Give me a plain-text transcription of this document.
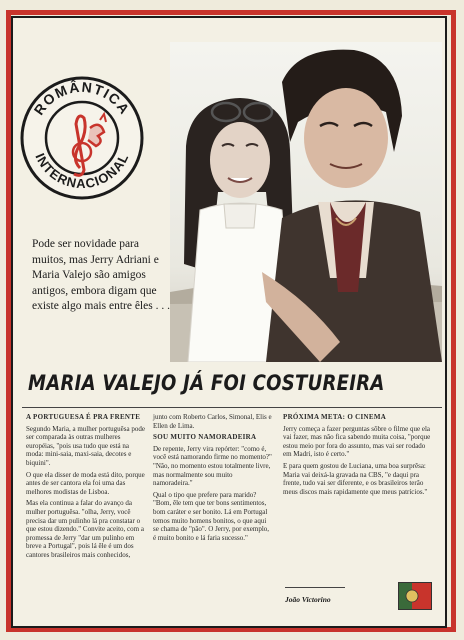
ROMÂNTICA
INTERNACIONAL
Pode ser novidade para muitos, mas Jerry Adriani e Maria Valejo são amigos antigos, embora digam que existe algo mais entre êles . . .
MARIA VALEJO JÁ FOI COSTUREIRA
A PORTUGUESA É PRA FRENTE

Segundo Maria, a mulher portuguêsa pode ser comparada às outras mulheres européias, "pois usa tudo que está na moda: mini-saia, maxi-saia, decotes e biquini".

O que ela disser de moda está dito, porque antes de ser cantora ela foi uma das melhores modistas de Lisboa.

Mas ela continua a falar do avanço da mulher portuguêsa. "olha, Jerry, você precisa dar um pulinho lá pra constatar o que estou dizendo." Convite aceito, com a promessa de Jerry "dar um pulinho em breve a Portugal", pois lá êle é um dos cantores brasileiros mais conhecidos,

junto com Roberto Carlos, Simonal, Elis e Ellen de Lima.

SOU MUITO NAMORADEIRA

De repente, Jerry vira repórter: "como é, você está namorando firme no momento?" "Não, no momento estou totalmente livre, mas normalmente sou muito namoradeira."

Qual o tipo que prefere para marido? "Bom, êle tem que ter bons sentimentos, bom caráter e ser bonito. Lá em Portugal temos muito homens bonitos, o que aqui se chama de "pão". O Jerry, por exemplo, é muito bonito e lá faria sucesso."

PRÓXIMA META: O CINEMA

Jerry começa a fazer perguntas sôbre o filme que ela vai fazer, mas não fica sabendo muita coisa, "porque estou meio por fora do assunto, mas vai ser rodado em Madri, isto é certo."

E para quem gostou de Luciana, uma boa surprêsa: Maria vai deixá-la gravada na CBS, "e daqui pra frente, tudo vai ser diferente, e os brasileiros terão meus discos mais rapidamente que meus patrícios."

João Victorino
